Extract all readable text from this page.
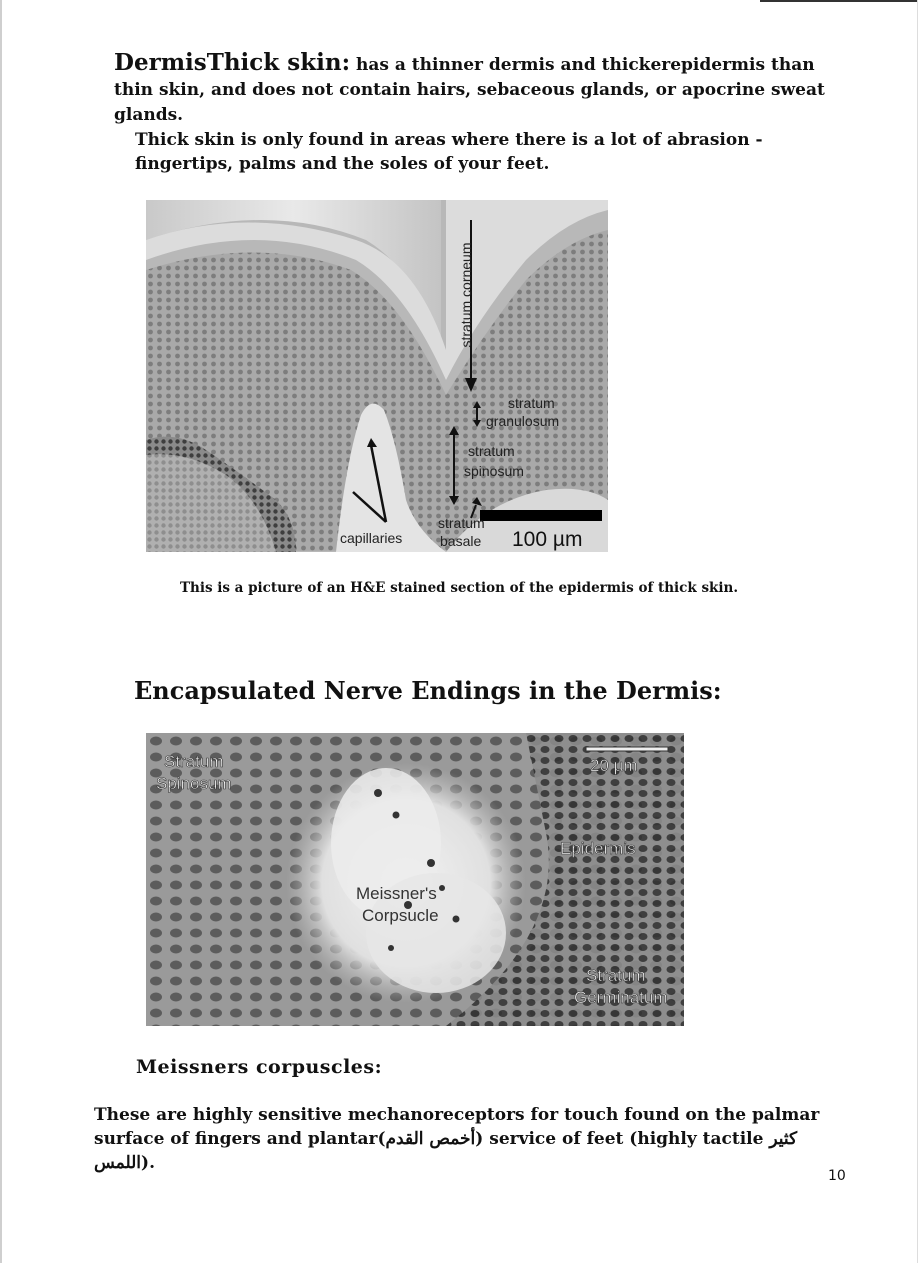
DermisThick skin: has a thinner dermis and thickerepidermis than thin skin, and does not contain hairs, sebaceous glands, or apocrine sweat glands.
Thick skin is only found in areas where there is a lot of abrasion - fingertips, palms and the soles of your feet.
stratum corneum
stratum
granulosum
stratum
spinosum
stratum
basale
capillaries	100 µm
This is a picture of an H&E stained section of the epidermis of thick skin.
Encapsulated Nerve Endings in the Dermis:
Stratum
Spinosum
20 µm
Epidermis
Meissner's
Corpsucle
Stratum
Germinatum
Meissners corpuscles:
These are highly sensitive mechanoreceptors for touch found on the palmar surface of fingers and plantar(أخمص القدم) service of feet (highly tactile كثير اللمس).
10
